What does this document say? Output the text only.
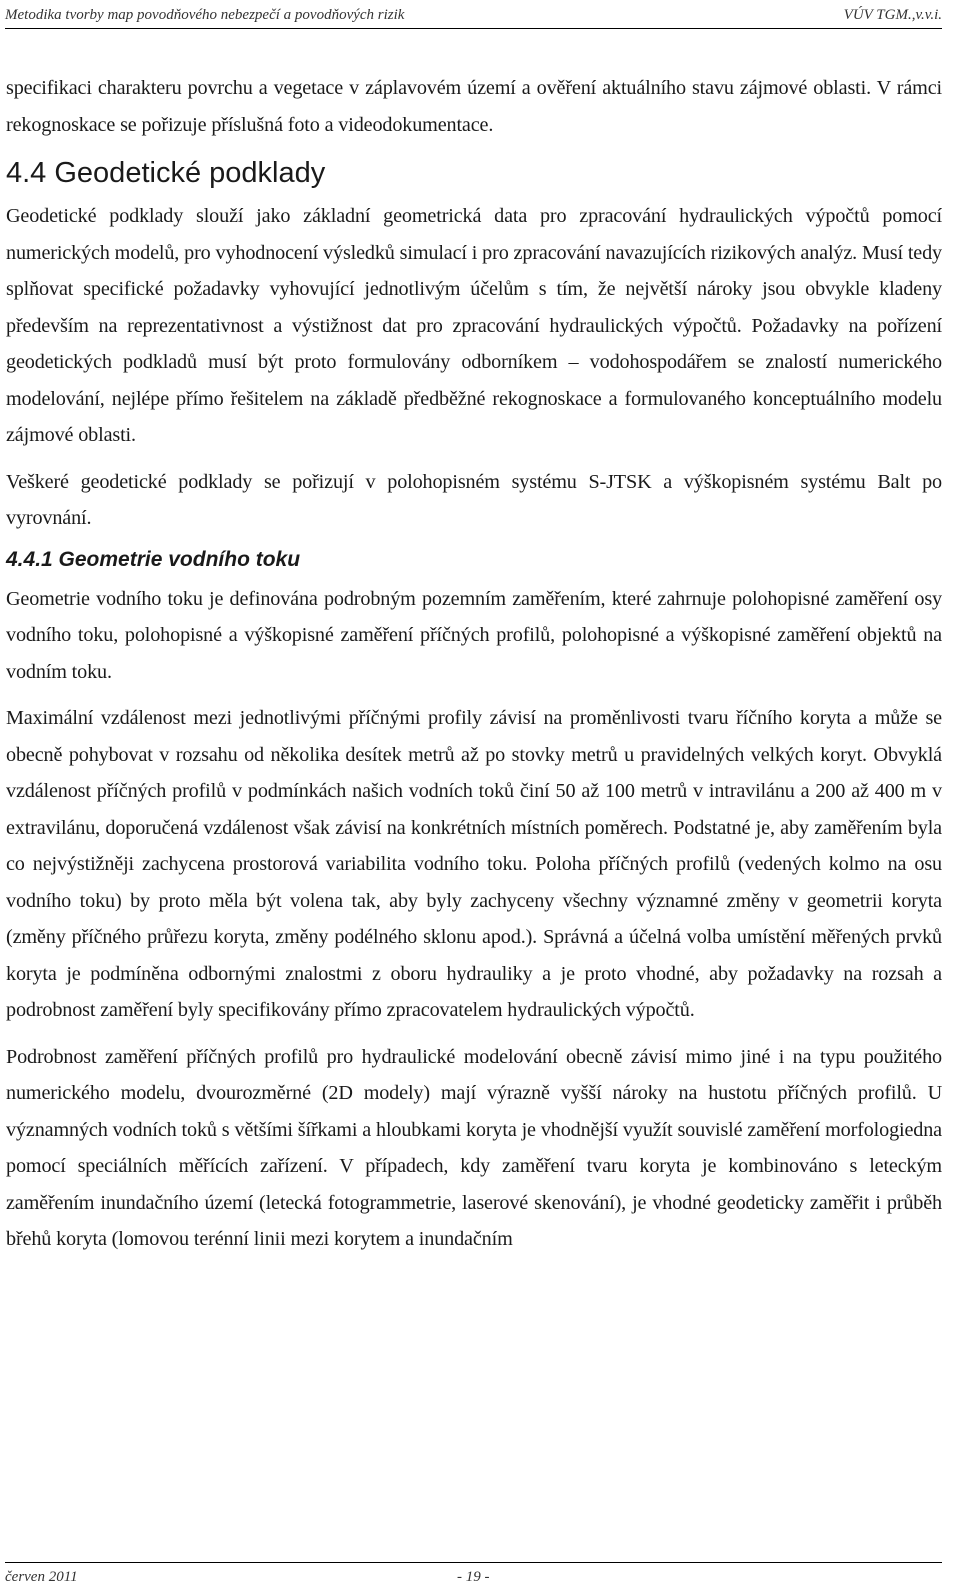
Metodika tvorby map povodňového nebezpečí a povodňových rizik	VÚV TGM.,v.v.i.

specifikaci charakteru povrchu a vegetace v záplavovém území a ověření aktuálního stavu zájmové oblasti. V rámci rekognoskace se pořizuje příslušná foto a videodokumentace.

4.4 Geodetické podklady

Geodetické podklady slouží jako základní geometrická data pro zpracování hydraulických výpočtů pomocí numerických modelů, pro vyhodnocení výsledků simulací i pro zpracování navazujících rizikových analýz. Musí tedy splňovat specifické požadavky vyhovující jednotlivým účelům s tím, že největší nároky jsou obvykle kladeny především na reprezentativnost a výstižnost dat pro zpracování hydraulických výpočtů. Požadavky na pořízení geodetických podkladů musí být proto formulovány odborníkem – vodohospodářem se znalostí numerického modelování, nejlépe přímo řešitelem na základě předběžné rekognoskace a formulovaného konceptuálního modelu zájmové oblasti.

Veškeré geodetické podklady se pořizují v polohopisném systému S-JTSK a výškopisném systému Balt po vyrovnání.

4.4.1 Geometrie vodního toku

Geometrie vodního toku je definována podrobným pozemním zaměřením, které zahrnuje polohopisné zaměření osy vodního toku, polohopisné a výškopisné zaměření příčných profilů, polohopisné a výškopisné zaměření objektů na vodním toku.

Maximální vzdálenost mezi jednotlivými příčnými profily závisí na proměnlivosti tvaru říčního koryta a může se obecně pohybovat v rozsahu od několika desítek metrů až po stovky metrů u pravidelných velkých koryt. Obvyklá vzdálenost příčných profilů v podmínkách našich vodních toků činí 50 až 100 metrů v intravilánu a 200 až 400 m v extravilánu, doporučená vzdálenost však závisí na konkrétních místních poměrech. Podstatné je, aby zaměřením byla co nejvýstižněji zachycena prostorová variabilita vodního toku. Poloha příčných profilů (vedených kolmo na osu vodního toku) by proto měla být volena tak, aby byly zachyceny všechny významné změny v geometrii koryta (změny příčného průřezu koryta, změny podélného sklonu apod.). Správná a účelná volba umístění měřených prvků koryta je podmíněna odbornými znalostmi z oboru hydrauliky a je proto vhodné, aby požadavky na rozsah a podrobnost zaměření byly specifikovány přímo zpracovatelem hydraulických výpočtů.

Podrobnost zaměření příčných profilů pro hydraulické modelování obecně závisí mimo jiné i na typu použitého numerického modelu, dvourozměrné (2D modely) mají výrazně vyšší nároky na hustotu příčných profilů. U významných vodních toků s většími šířkami a hloubkami koryta je vhodnější využít souvislé zaměření morfologiedna pomocí speciálních měřících zařízení. V případech, kdy zaměření tvaru koryta je kombinováno s leteckým zaměřením inundačního území (letecká fotogrammetrie, laserové skenování), je vhodné geodeticky zaměřit i průběh břehů koryta (lomovou terénní linii mezi korytem a inundačním

červen 2011	- 19 -
